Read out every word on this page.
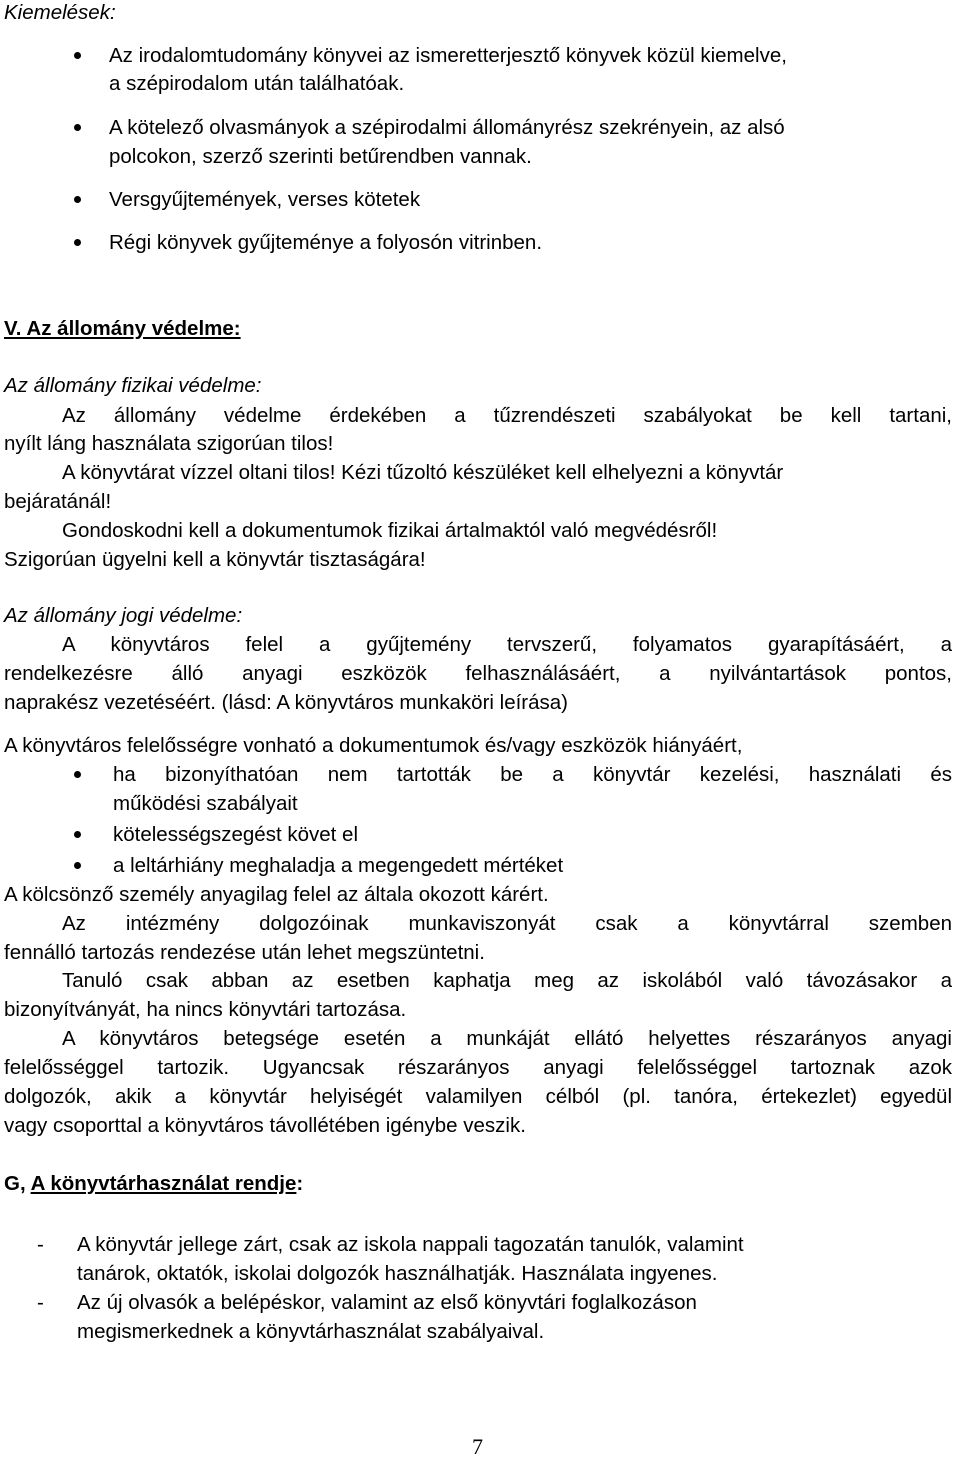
Kiemelések:
Az irodalomtudomány könyvei az ismeretterjesztő könyvek közül kiemelve,
a szépirodalom után találhatóak.
A kötelező olvasmányok a szépirodalmi állományrész szekrényein, az alsó
polcokon, szerző szerinti betűrendben vannak.
Versgyűjtemények, verses kötetek
Régi könyvek gyűjteménye a folyosón vitrinben.
V. Az állomány védelme:
Az állomány fizikai védelme:
Az állomány védelme érdekében a tűzrendészeti szabályokat be kell tartani,
nyílt láng használata szigorúan tilos!
A könyvtárat vízzel oltani tilos! Kézi tűzoltó készüléket kell elhelyezni a könyvtár
bejáratánál!
Gondoskodni kell a dokumentumok fizikai ártalmaktól való megvédésről!
Szigorúan ügyelni kell a könyvtár tisztaságára!
Az állomány jogi védelme:
A könyvtáros felel a gyűjtemény tervszerű, folyamatos gyarapításáért, a
rendelkezésre álló anyagi eszközök felhasználásáért, a nyilvántartások pontos,
naprakész vezetéséért. (lásd: A könyvtáros munkaköri leírása)
A könyvtáros felelősségre vonható a dokumentumok és/vagy eszközök hiányáért,
ha bizonyíthatóan nem tartották be a könyvtár kezelési, használati és
működési szabályait
kötelességszegést követ el
a leltárhiány meghaladja a megengedett mértéket
A kölcsönző személy anyagilag felel az általa okozott kárért.
Az intézmény dolgozóinak munkaviszonyát csak a könyvtárral szemben
fennálló tartozás rendezése után lehet megszüntetni.
Tanuló csak abban az esetben kaphatja meg az iskolából való távozásakor a
bizonyítványát, ha nincs könyvtári tartozása.
A könyvtáros betegsége esetén a munkáját ellátó helyettes részarányos anyagi
felelősséggel tartozik. Ugyancsak részarányos anyagi felelősséggel tartoznak azok
dolgozók, akik a könyvtár helyiségét valamilyen célból (pl. tanóra, értekezlet) egyedül
vagy csoporttal a könyvtáros távollétében igénybe veszik.
G, A könyvtárhasználat rendje:
- A könyvtár jellege zárt, csak az iskola nappali tagozatán tanulók, valamint
tanárok, oktatók, iskolai dolgozók használhatják. Használata ingyenes.
- Az új olvasók a belépéskor, valamint az első könyvtári foglalkozáson
megismerkednek a könyvtárhasználat szabályaival.
7
